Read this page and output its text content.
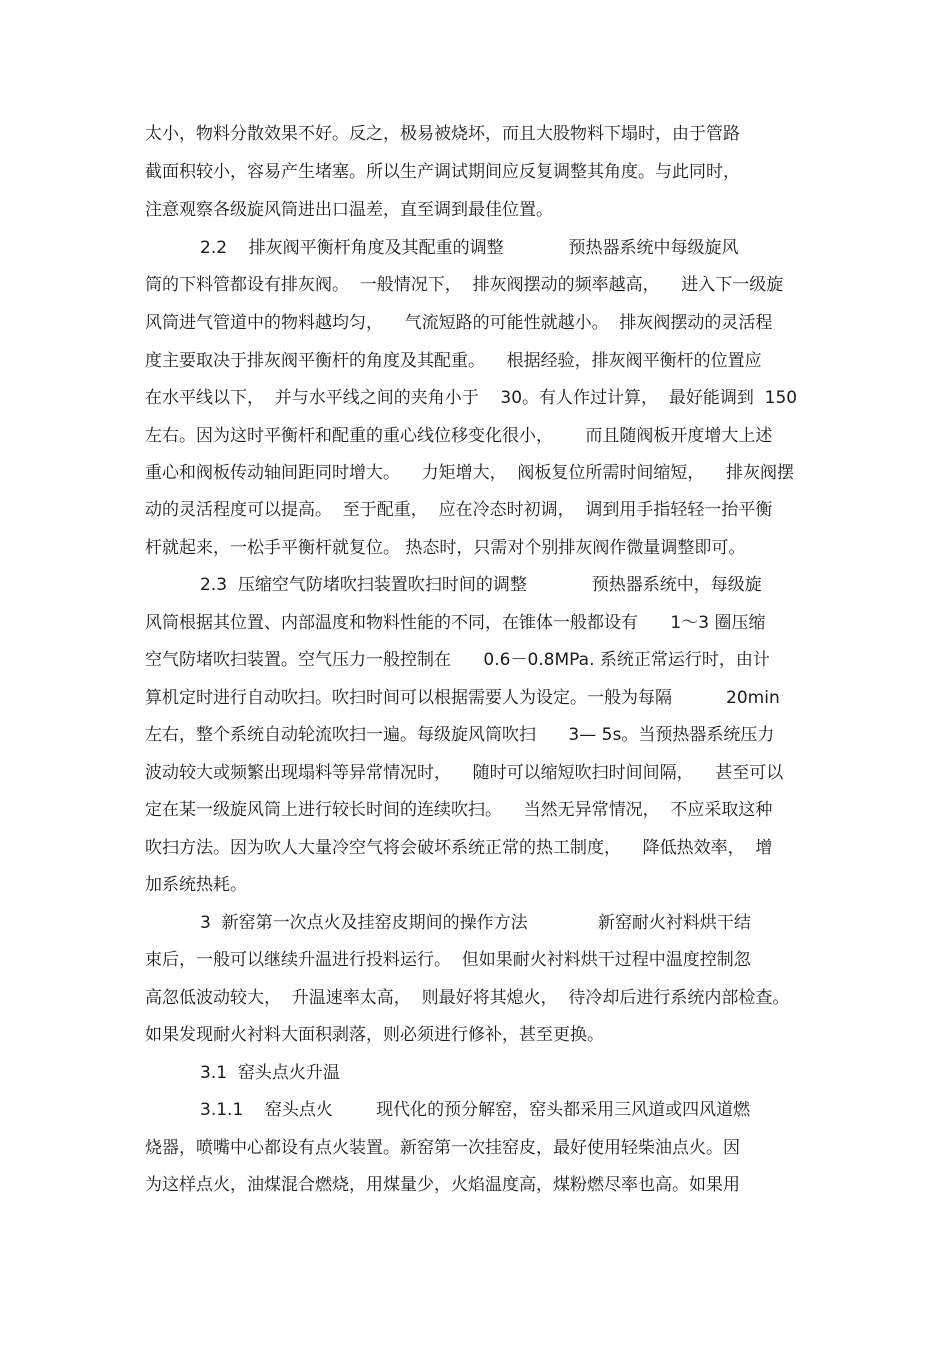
太小，物料分散效果不好。反之，极易被烧坏，而且大股物料下塌时，由于管路
截面积较小，容易产生堵塞。所以生产调试期间应反复调整其角度。与此同时，
注意观察各级旋风筒进出口温差，直至调到最佳位置。
2.2    排灰阀平衡杆角度及其配重的调整            预热器系统中每级旋风
筒的下料管都设有排灰阀。  一般情况下，  排灰阀摆动的频率越高，    进入下一级旋
风筒进气管道中的物料越均匀，    气流短路的可能性就越小。  排灰阀摆动的灵活程
度主要取决于排灰阀平衡杆的角度及其配重。    根据经验，排灰阀平衡杆的位置应
在水平线以下，  并与水平线之间的夹角小于    30。有人作过计算，  最好能调到  150
左右。因为这时平衡杆和配重的重心线位移变化很小，      而且随阀板开度增大上述
重心和阀板传动轴间距同时增大。    力矩增大，  阀板复位所需时间缩短，    排灰阀摆
动的灵活程度可以提高。  至于配重，  应在冷态时初调，  调到用手指轻轻一抬平衡
杆就起来，一松手平衡杆就复位。 热态时，只需对个别排灰阀作微量调整即可。
2.3  压缩空气防堵吹扫装置吹扫时间的调整            预热器系统中，每级旋
风筒根据其位置、内部温度和物料性能的不同，在锥体一般都设有      1～3 圈压缩
空气防堵吹扫装置。空气压力一般控制在      0.6－0.8MPa. 系统正常运行时，由计
算机定时进行自动吹扫。吹扫时间可以根据需要人为设定。一般为每隔          20min
左右，整个系统自动轮流吹扫一遍。每级旋风筒吹扫      3— 5s。当预热器系统压力
波动较大或频繁出现塌料等异常情况时，    随时可以缩短吹扫时间间隔，    甚至可以
定在某一级旋风筒上进行较长时间的连续吹扫。    当然无异常情况，  不应采取这种
吹扫方法。因为吹人大量冷空气将会破坏系统正常的热工制度，    降低热效率，  增
加系统热耗。
3  新窑第一次点火及挂窑皮期间的操作方法             新窑耐火衬料烘干结
束后，一般可以继续升温进行投料运行。  但如果耐火衬料烘干过程中温度控制忽
高忽低波动较大，  升温速率太高，  则最好将其熄火，  待冷却后进行系统内部检查。
如果发现耐火衬料大面积剥落，则必须进行修补，甚至更换。
3.1  窑头点火升温
3.1.1    窑头点火        现代化的预分解窑，窑头都采用三风道或四风道燃
烧器，喷嘴中心都设有点火装置。新窑第一次挂窑皮，最好使用轻柴油点火。因
为这样点火，油煤混合燃烧，用煤量少，火焰温度高，煤粉燃尽率也高。如果用
